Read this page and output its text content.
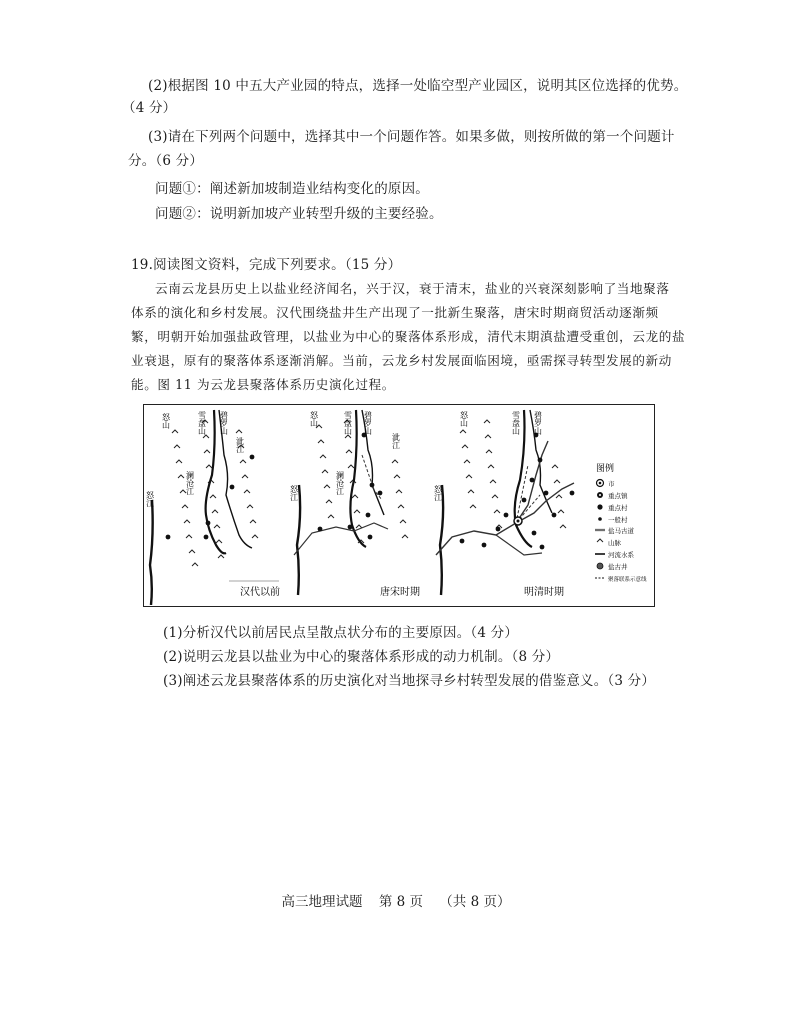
(2)根据图 10 中五大产业园的特点，选择一处临空型产业园区，说明其区位选择的优势。
（4 分）
(3)请在下列两个问题中，选择其中一个问题作答。如果多做，则按所做的第一个问题计
分。（6 分）
问题①：阐述新加坡制造业结构变化的原因。
问题②：说明新加坡产业转型升级的主要经验。
19.阅读图文资料，完成下列要求。（15 分）
云南云龙县历史上以盐业经济闻名，兴于汉，衰于清末，盐业的兴衰深刻影响了当地聚落
体系的演化和乡村发展。汉代围绕盐井生产出现了一批新生聚落，唐宋时期商贸活动逐渐频
繁，明朝开始加强盐政管理，以盐业为中心的聚落体系形成，清代末期滇盐遭受重创，云龙的盐
业衰退，原有的聚落体系逐渐消解。当前，云龙乡村发展面临困境，亟需探寻转型发展的新动
能。图 11 为云龙县聚落体系历史演化过程。
怒山	雪盘山 碧罗山
泚江
澜沧江
怒江
汉代以前
怒山	雪盘山 碧罗山
泚江
澜沧江
怒江
唐宋时期
怒山	雪盘山 碧罗山
怒江
明清时期
图例
市
重点镇
重点村
一般村
盐马古道
山脉
河流水系
盐古井
聚落联系示意线
(1)分析汉代以前居民点呈散点状分布的主要原因。（4 分）
(2)说明云龙县以盐业为中心的聚落体系形成的动力机制。（8 分）
(3)阐述云龙县聚落体系的历史演化对当地探寻乡村转型发展的借鉴意义。（3 分）
高三地理试题 第 8 页 （共 8 页）
